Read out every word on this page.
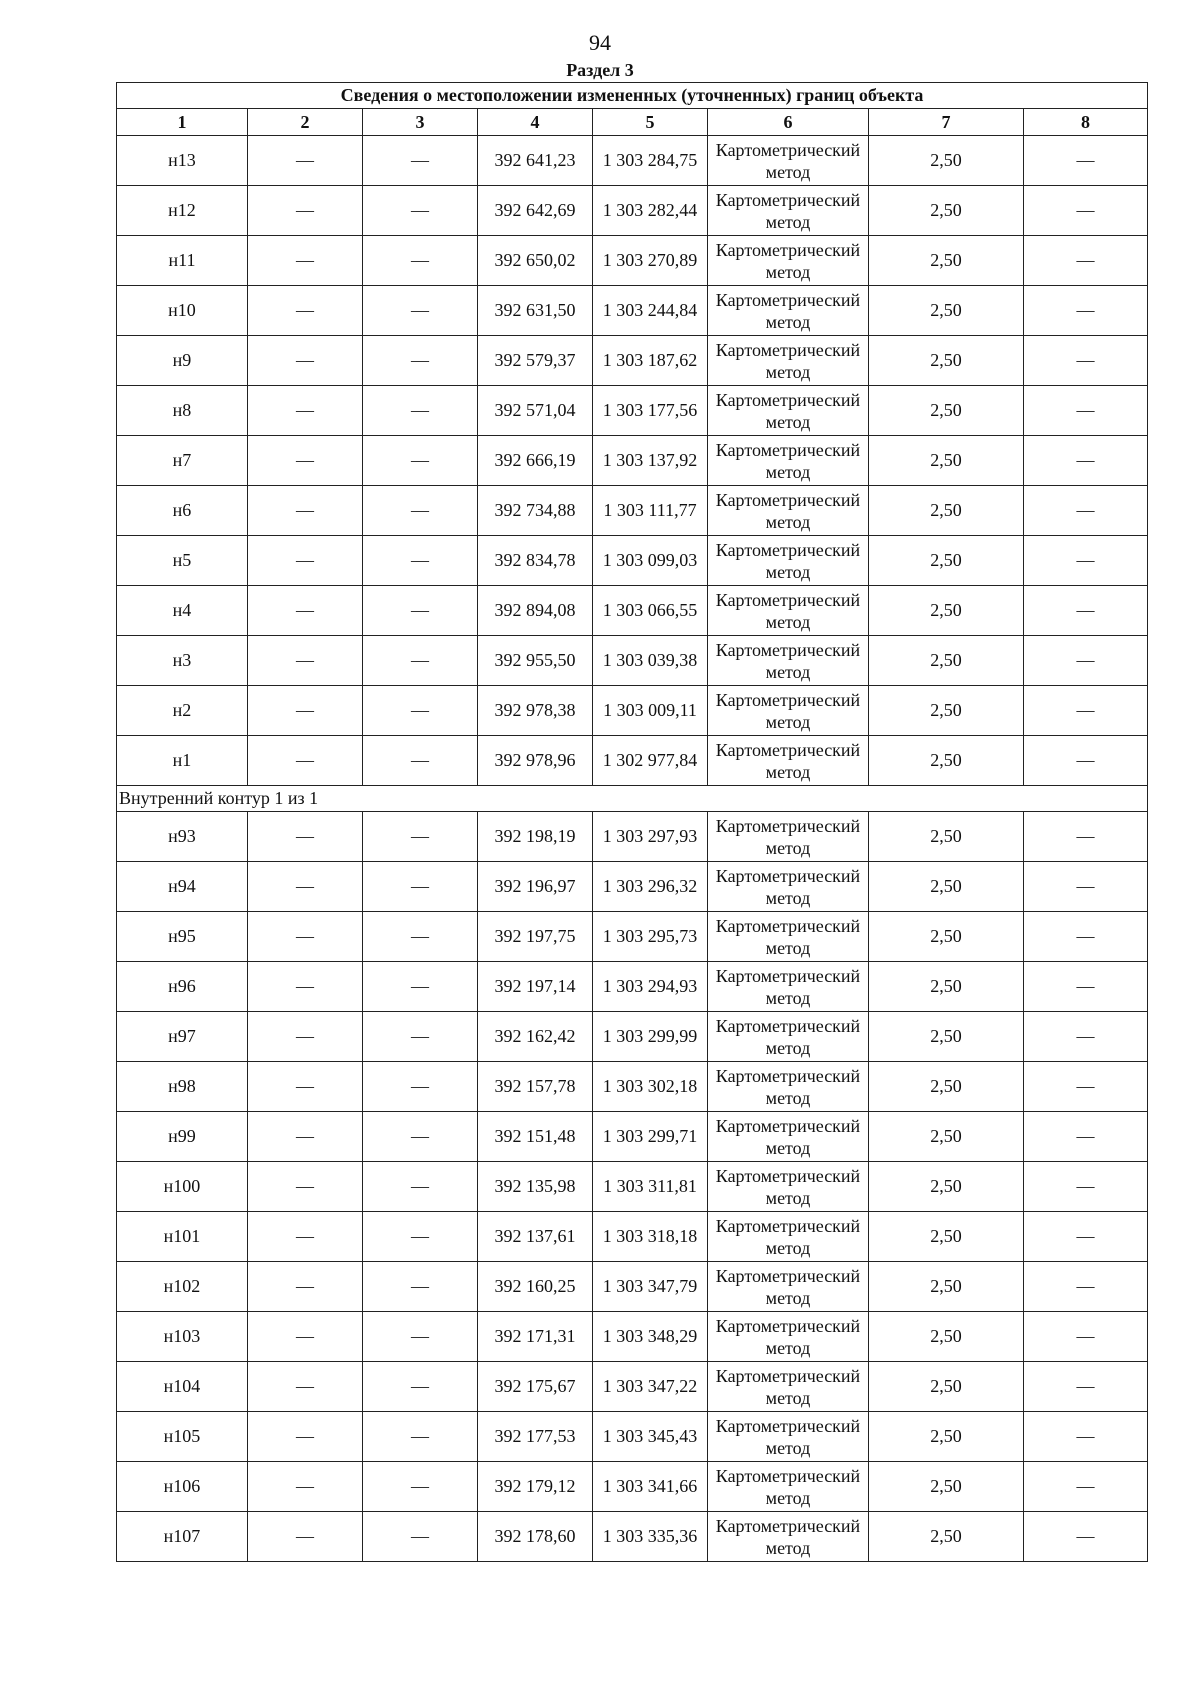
94
Раздел 3
Сведения о местоположении измененных (уточненных) границ объекта							
1	2	3	4	5	6	7	8
н13	—	—	392 641,23	1 303 284,75	Картометрический метод	2,50	—
н12	—	—	392 642,69	1 303 282,44	Картометрический метод	2,50	—
н11	—	—	392 650,02	1 303 270,89	Картометрический метод	2,50	—
н10	—	—	392 631,50	1 303 244,84	Картометрический метод	2,50	—
н9	—	—	392 579,37	1 303 187,62	Картометрический метод	2,50	—
н8	—	—	392 571,04	1 303 177,56	Картометрический метод	2,50	—
н7	—	—	392 666,19	1 303 137,92	Картометрический метод	2,50	—
н6	—	—	392 734,88	1 303 111,77	Картометрический метод	2,50	—
н5	—	—	392 834,78	1 303 099,03	Картометрический метод	2,50	—
н4	—	—	392 894,08	1 303 066,55	Картометрический метод	2,50	—
н3	—	—	392 955,50	1 303 039,38	Картометрический метод	2,50	—
н2	—	—	392 978,38	1 303 009,11	Картометрический метод	2,50	—
н1	—	—	392 978,96	1 302 977,84	Картометрический метод	2,50	—
Внутренний контур 1 из 1							
н93	—	—	392 198,19	1 303 297,93	Картометрический метод	2,50	—
н94	—	—	392 196,97	1 303 296,32	Картометрический метод	2,50	—
н95	—	—	392 197,75	1 303 295,73	Картометрический метод	2,50	—
н96	—	—	392 197,14	1 303 294,93	Картометрический метод	2,50	—
н97	—	—	392 162,42	1 303 299,99	Картометрический метод	2,50	—
н98	—	—	392 157,78	1 303 302,18	Картометрический метод	2,50	—
н99	—	—	392 151,48	1 303 299,71	Картометрический метод	2,50	—
н100	—	—	392 135,98	1 303 311,81	Картометрический метод	2,50	—
н101	—	—	392 137,61	1 303 318,18	Картометрический метод	2,50	—
н102	—	—	392 160,25	1 303 347,79	Картометрический метод	2,50	—
н103	—	—	392 171,31	1 303 348,29	Картометрический метод	2,50	—
н104	—	—	392 175,67	1 303 347,22	Картометрический метод	2,50	—
н105	—	—	392 177,53	1 303 345,43	Картометрический метод	2,50	—
н106	—	—	392 179,12	1 303 341,66	Картометрический метод	2,50	—
н107	—	—	392 178,60	1 303 335,36	Картометрический метод	2,50	—
